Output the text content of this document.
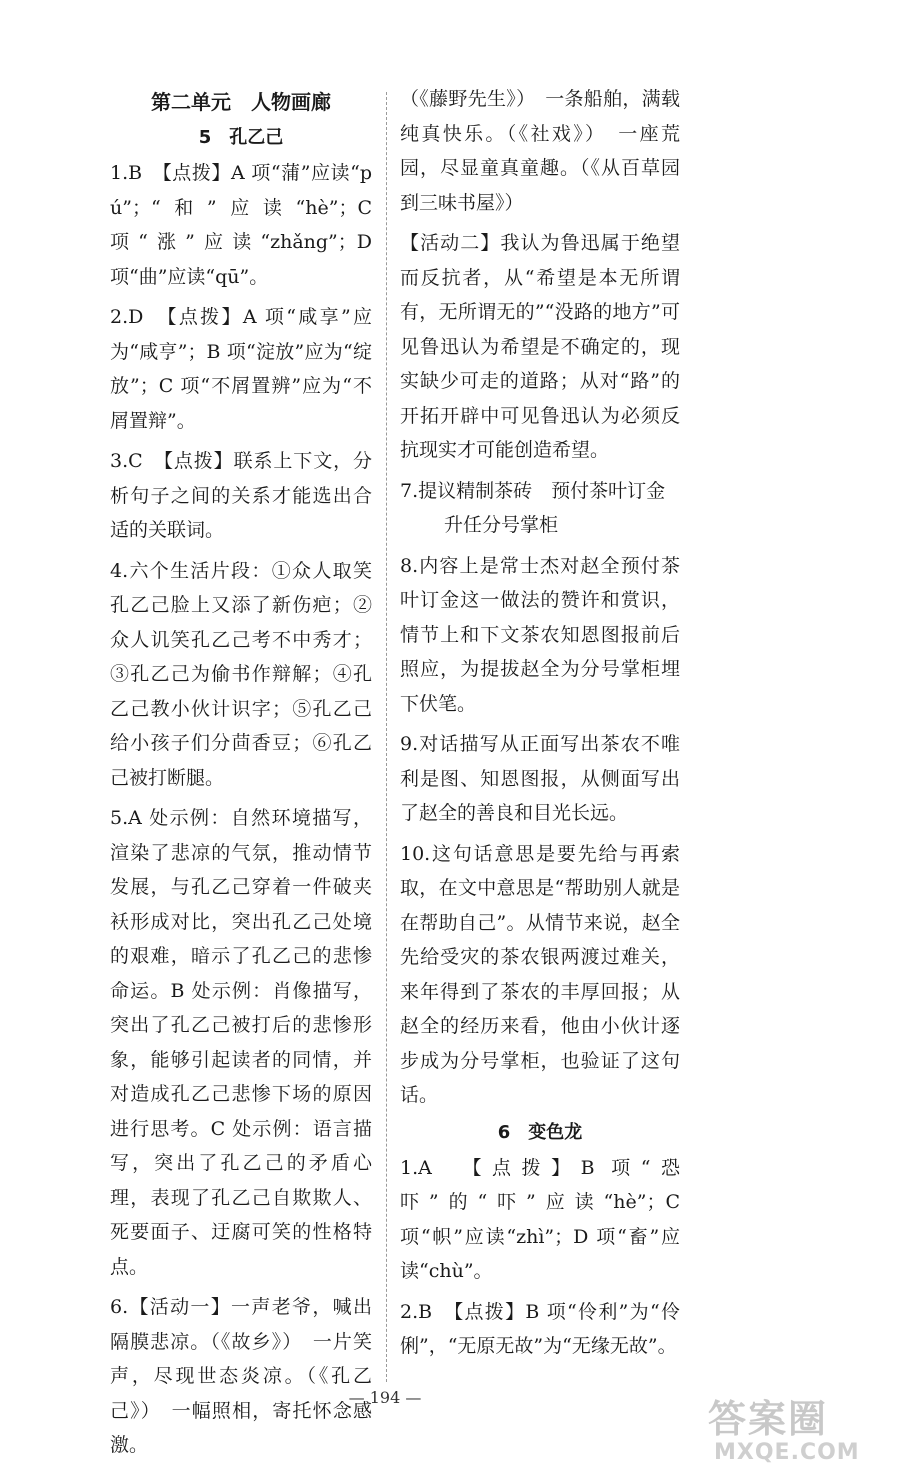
第二单元　人物画廊
5　孔乙己

1.B　【点拨】A 项“蒲”应读“pú”；“和”应读“hè”；C 项“涨”应读“zhǎng”；D 项“曲”应读“qū”。

2.D　【点拨】A 项“咸享”应为“咸亨”；B 项“淀放”应为“绽放”；C 项“不屑置辨”应为“不屑置辩”。

3.C　【点拨】联系上下文，分析句子之间的关系才能选出合适的关联词。

4.六个生活片段：①众人取笑孔乙己脸上又添了新伤疤；②众人讥笑孔乙己考不中秀才；③孔乙己为偷书作辩解；④孔乙己教小伙计识字；⑤孔乙己给小孩子们分茴香豆；⑥孔乙己被打断腿。

5.A 处示例：自然环境描写，渲染了悲凉的气氛，推动情节发展，与孔乙己穿着一件破夹袄形成对比，突出孔乙己处境的艰难，暗示了孔乙己的悲惨命运。B 处示例：肖像描写，突出了孔乙己被打后的悲惨形象，能够引起读者的同情，并对造成孔乙己悲惨下场的原因进行思考。C 处示例：语言描写，突出了孔乙己的矛盾心理，表现了孔乙己自欺欺人、死要面子、迂腐可笑的性格特点。

6.【活动一】一声老爷，喊出隔膜悲凉。（《故乡》）　一片笑声，尽现世态炎凉。（《孔乙己》）　一幅照相，寄托怀念感激。

（《藤野先生》）　一条船舶，满载纯真快乐。（《社戏》）　一座荒园，尽显童真童趣。（《从百草园到三味书屋》）

【活动二】我认为鲁迅属于绝望而反抗者，从“希望是本无所谓有，无所谓无的”“没路的地方”可见鲁迅认为希望是不确定的，现实缺少可走的道路；从对“路”的开拓开辟中可见鲁迅认为必须反抗现实才可能创造希望。

7.提议精制茶砖　预付茶叶订金
升任分号掌柜

8.内容上是常士杰对赵全预付茶叶订金这一做法的赞许和赏识，情节上和下文茶农知恩图报前后照应，为提拔赵全为分号掌柜埋下伏笔。

9.对话描写从正面写出茶农不唯利是图、知恩图报，从侧面写出了赵全的善良和目光长远。

10.这句话意思是要先给与再索取，在文中意思是“帮助别人就是在帮助自己”。从情节来说，赵全先给受灾的茶农银两渡过难关，来年得到了茶农的丰厚回报；从赵全的经历来看，他由小伙计逐步成为分号掌柜，也验证了这句话。

6　变色龙

1.A　【点拨】B 项“恐吓”的“吓”应读“hè”；C 项“帜”应读“zhì”；D 项“畜”应读“chù”。

2.B　【点拨】B 项“伶利”为“伶俐”，“无原无故”为“无缘无故”。

— 194 —	答案圈
MXQE.COM
